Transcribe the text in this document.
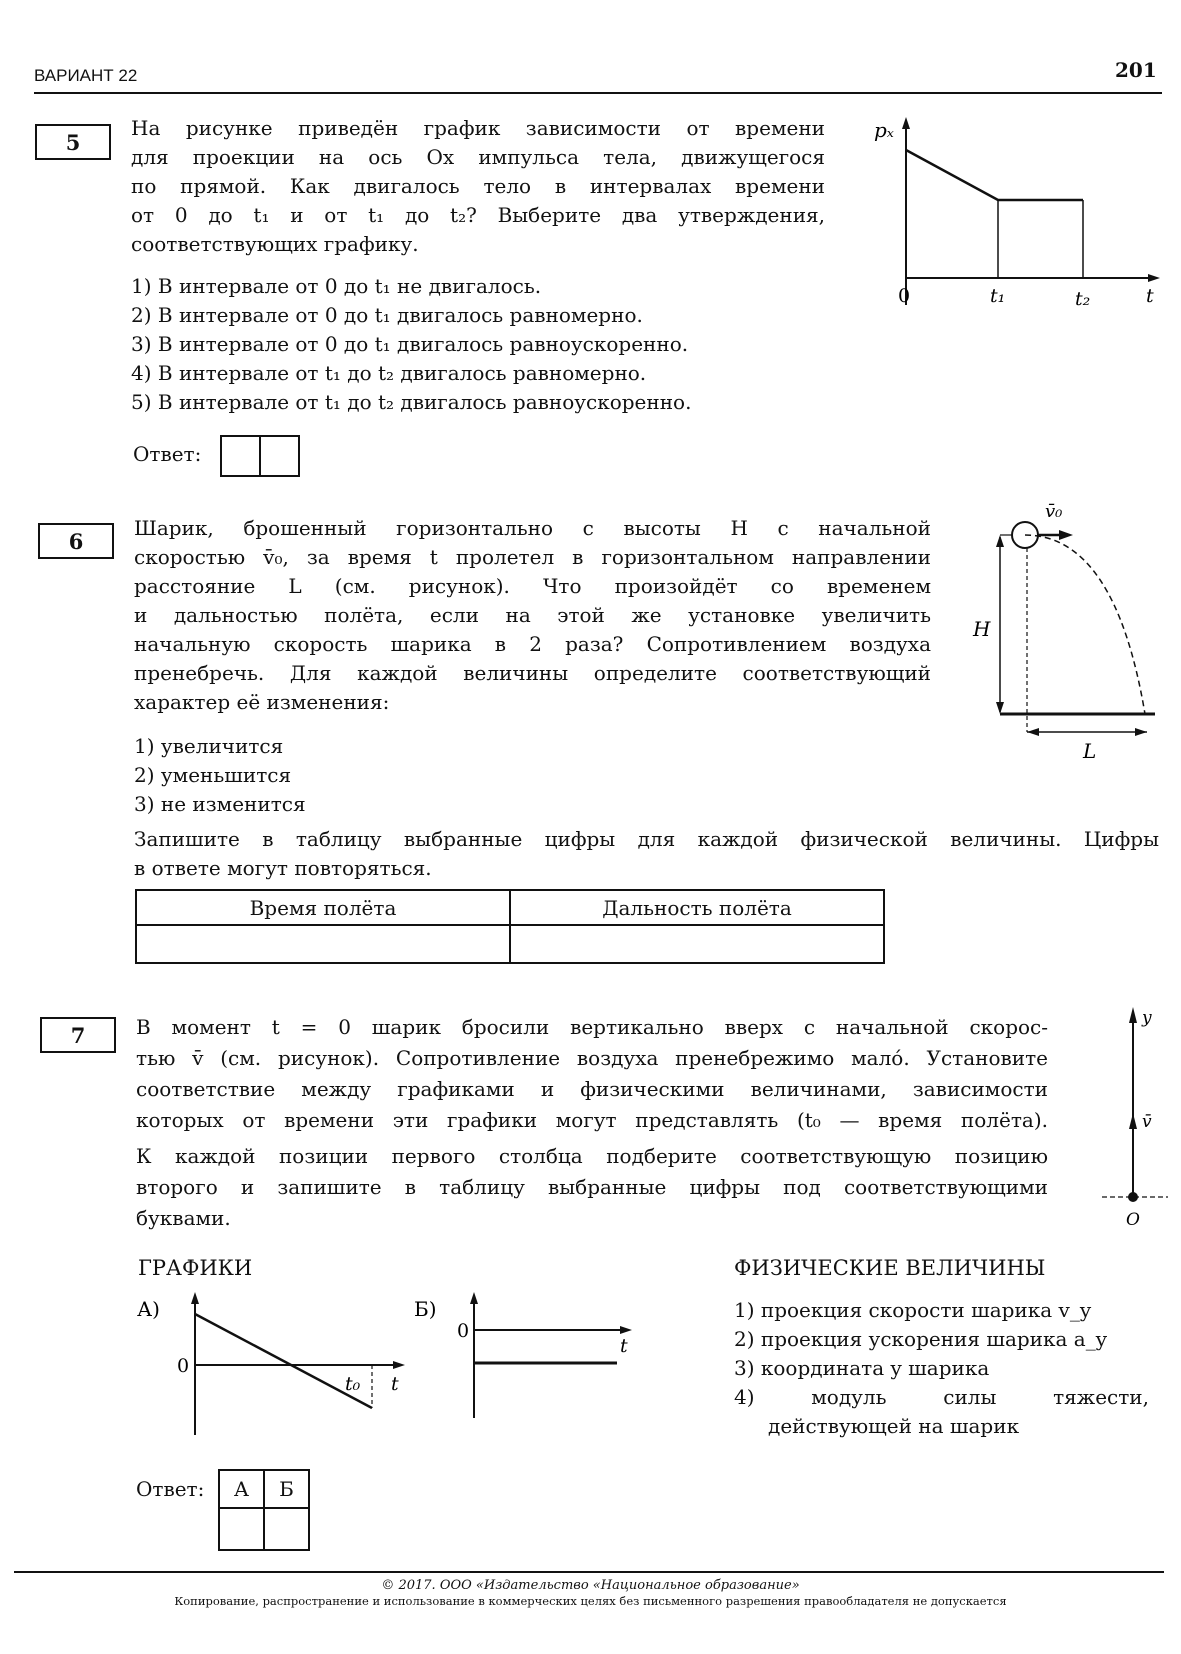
ВАРИАНТ 22	201
5
На рисунке приведён график зависимости от времени
для проекции на ось Ox импульса тела, движущегося
по прямой. Как двигалось тело в интервалах времени
от 0 до t₁ и от t₁ до t₂? Выберите два утверждения,
соответствующих графику.
1) В интервале от 0 до t₁ не двигалось.
2) В интервале от 0 до t₁ двигалось равномерно.
3) В интервале от 0 до t₁ двигалось равноускоренно.
4) В интервале от t₁ до t₂ двигалось равномерно.
5) В интервале от t₁ до t₂ двигалось равноускоренно.
Ответ:
pₓ
0	t₁	t₂	t
6
Шарик, брошенный горизонтально с высоты H с начальной
скоростью v̄₀, за время t пролетел в горизонтальном направлении
расстояние L (см. рисунок). Что произойдёт со временем
и дальностью полёта, если на этой же установке увеличить
начальную скорость шарика в 2 раза? Сопротивлением воздуха
пренебречь. Для каждой величины определите соответствующий
характер её изменения:
1) увеличится
2) уменьшится
3) не изменится
Запишите в таблицу выбранные цифры для каждой физической величины. Цифры
в ответе могут повторяться.
Время полёта	Дальность полёта

v̄₀
H
L
7	В момент t = 0 шарик бросили вертикально вверх с начальной скорос-
тью v̄ (см. рисунок). Сопротивление воздуха пренебрежимо мало́. Установите
соответствие между графиками и физическими величинами, зависимости
которых от времени эти графики могут представлять (t₀ — время полёта).
К каждой позиции первого столбца подберите соответствующую позицию
второго и запишите в таблицу выбранные цифры под соответствующими
буквами.
y
v̄
O
ГРАФИКИ	ФИЗИЧЕСКИЕ ВЕЛИЧИНЫ
А)
0
t₀ t
Б)
0
t
1) проекция скорости шарика v_y
2) проекция ускорения шарика a_y
3) координата y шарика
4) модуль силы тяжести,
действующей на шарик
Ответ: А	Б

© 2017. ООО «Издательство «Национальное образование»
Копирование, распространение и использование в коммерческих целях без письменного разрешения правообладателя не допускается
